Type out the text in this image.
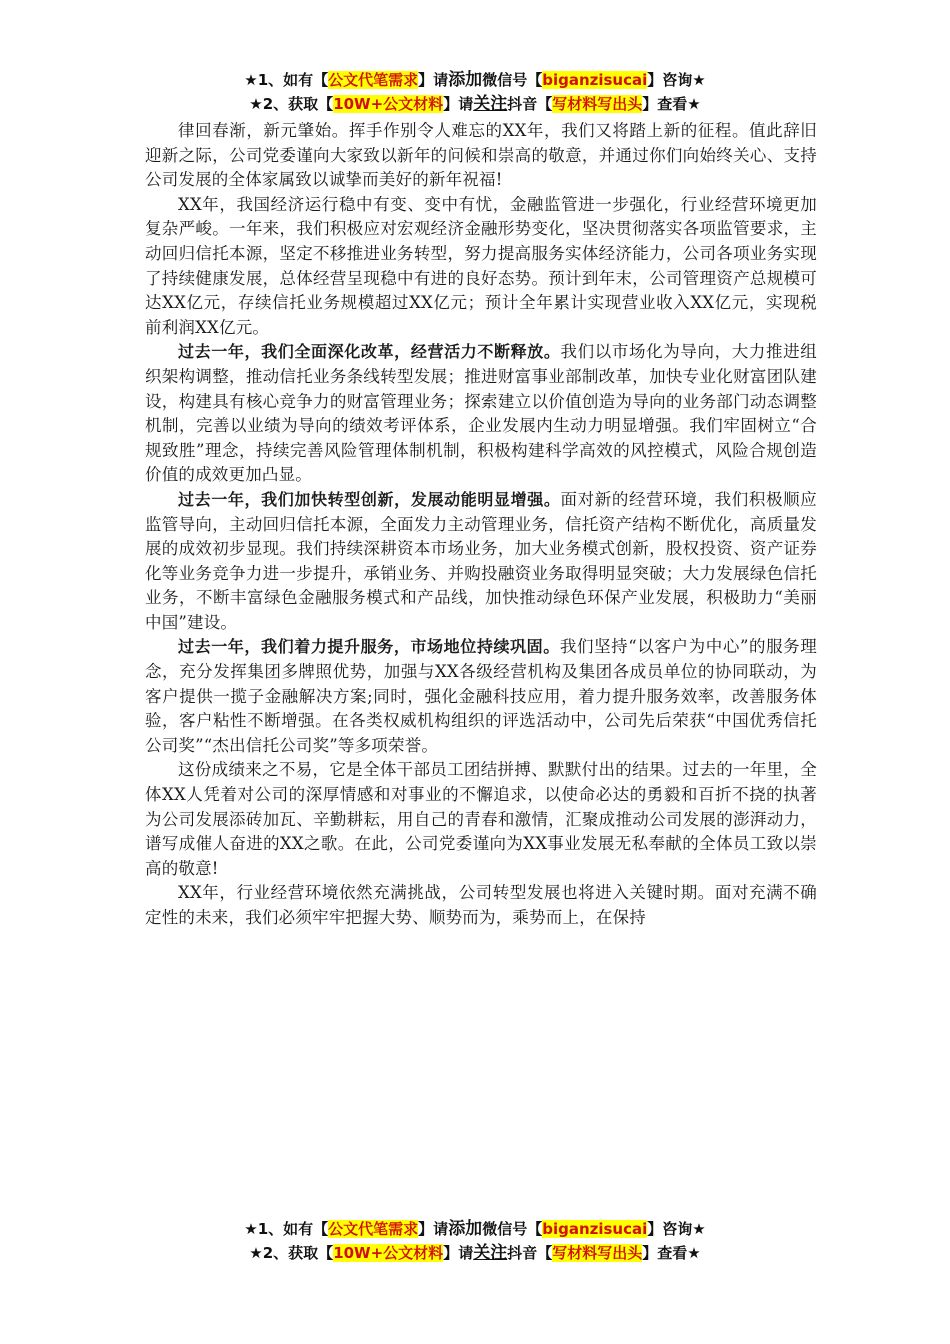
★1、如有【公文代笔需求】请添加微信号【biganzisucai】咨询★
★2、获取【10W+公文材料】请关注抖音【写材料写出头】查看★

律回春渐，新元肇始。挥手作别令人难忘的XX年，我们又将踏上新的征程。值此辞旧迎新之际，公司党委谨向大家致以新年的问候和崇高的敬意，并通过你们向始终关心、支持公司发展的全体家属致以诚挚而美好的新年祝福!

XX年，我国经济运行稳中有变、变中有忧，金融监管进一步强化，行业经营环境更加复杂严峻。一年来，我们积极应对宏观经济金融形势变化，坚决贯彻落实各项监管要求，主动回归信托本源，坚定不移推进业务转型，努力提高服务实体经济能力，公司各项业务实现了持续健康发展，总体经营呈现稳中有进的良好态势。预计到年末，公司管理资产总规模可达XX亿元，存续信托业务规模超过XX亿元；预计全年累计实现营业收入XX亿元，实现税前利润XX亿元。

过去一年，我们全面深化改革，经营活力不断释放。我们以市场化为导向，大力推进组织架构调整，推动信托业务条线转型发展；推进财富事业部制改革，加快专业化财富团队建设，构建具有核心竞争力的财富管理业务；探索建立以价值创造为导向的业务部门动态调整机制，完善以业绩为导向的绩效考评体系，企业发展内生动力明显增强。我们牢固树立“合规致胜”理念，持续完善风险管理体制机制，积极构建科学高效的风控模式，风险合规创造价值的成效更加凸显。

过去一年，我们加快转型创新，发展动能明显增强。面对新的经营环境，我们积极顺应监管导向，主动回归信托本源，全面发力主动管理业务，信托资产结构不断优化，高质量发展的成效初步显现。我们持续深耕资本市场业务，加大业务模式创新，股权投资、资产证券化等业务竞争力进一步提升，承销业务、并购投融资业务取得明显突破；大力发展绿色信托业务，不断丰富绿色金融服务模式和产品线，加快推动绿色环保产业发展，积极助力“美丽中国”建设。

过去一年，我们着力提升服务，市场地位持续巩固。我们坚持“以客户为中心”的服务理念，充分发挥集团多牌照优势，加强与XX各级经营机构及集团各成员单位的协同联动，为客户提供一揽子金融解决方案;同时，强化金融科技应用，着力提升服务效率，改善服务体验，客户粘性不断增强。在各类权威机构组织的评选活动中，公司先后荣获“中国优秀信托公司奖”“杰出信托公司奖”等多项荣誉。

这份成绩来之不易，它是全体干部员工团结拼搏、默默付出的结果。过去的一年里，全体XX人凭着对公司的深厚情感和对事业的不懈追求，以使命必达的勇毅和百折不挠的执著为公司发展添砖加瓦、辛勤耕耘，用自己的青春和激情，汇聚成推动公司发展的澎湃动力，谱写成催人奋进的XX之歌。在此，公司党委谨向为XX事业发展无私奉献的全体员工致以崇高的敬意!

XX年，行业经营环境依然充满挑战，公司转型发展也将进入关键时期。面对充满不确定性的未来，我们必须牢牢把握大势、顺势而为，乘势而上，在保持

★1、如有【公文代笔需求】请添加微信号【biganzisucai】咨询★
★2、获取【10W+公文材料】请关注抖音【写材料写出头】查看★
